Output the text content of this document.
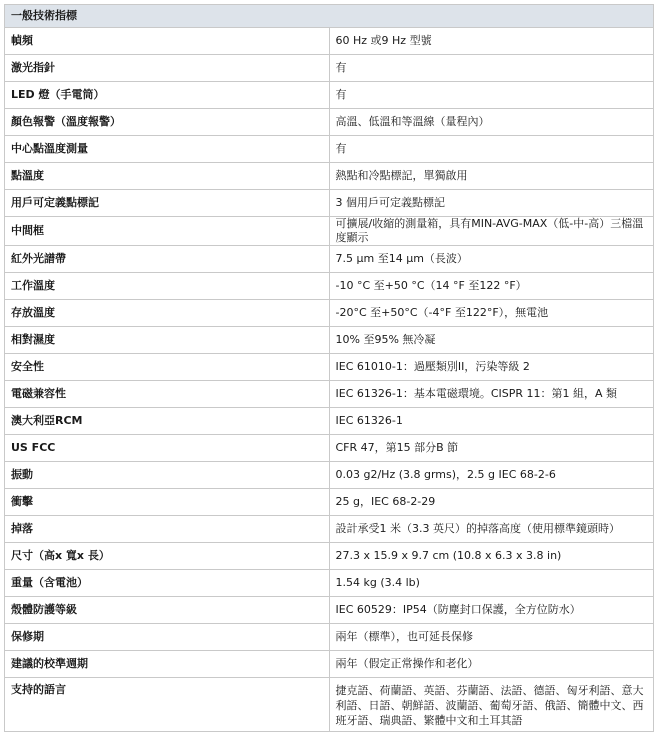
一般技術指標	
幀頻	60 Hz 或9 Hz 型號
激光指針	有
LED 燈（手電筒）	有
顏色報警（溫度報警）	高溫、低溫和等溫線（量程內）
中心點溫度測量	有
點溫度	熱點和冷點標記，單獨啟用
用戶可定義點標記	3 個用戶可定義點標記
中間框	可擴展/收縮的測量箱，具有MIN-AVG-MAX（低-中-高）三檔溫度顯示
紅外光譜帶	7.5 μm 至14 μm（長波）
工作溫度	-10 °C 至+50 °C（14 °F 至122 °F）
存放溫度	-20°C 至+50°C（-4°F 至122°F），無電池
相對濕度	10% 至95% 無冷凝
安全性	IEC 61010-1：過壓類別II，污染等級 2
電磁兼容性	IEC 61326-1：基本電磁環境。CISPR 11：第1 組，A 類
澳大利亞RCM	IEC 61326-1
US FCC	CFR 47，第15 部分B 節
振動	0.03 g2/Hz (3.8 grms)，2.5 g IEC 68-2-6
衝擊	25 g，IEC 68-2-29
掉落	設計承受1 米（3.3 英尺）的掉落高度（使用標準鏡頭時）
尺寸（高x 寬x 長）	27.3 x 15.9 x 9.7 cm (10.8 x 6.3 x 3.8 in)
重量（含電池）	1.54 kg (3.4 lb)
殼體防護等級	IEC 60529：IP54（防塵封口保護，全方位防水）
保修期	兩年（標準），也可延長保修
建議的校準週期	兩年（假定正常操作和老化）
支持的語言	捷克語、荷蘭語、英語、芬蘭語、法語、德語、匈牙利語、意大利語、日語、朝鮮語、波蘭語、葡萄牙語、俄語、簡體中文、西班牙語、瑞典語、繁體中文和土耳其語
